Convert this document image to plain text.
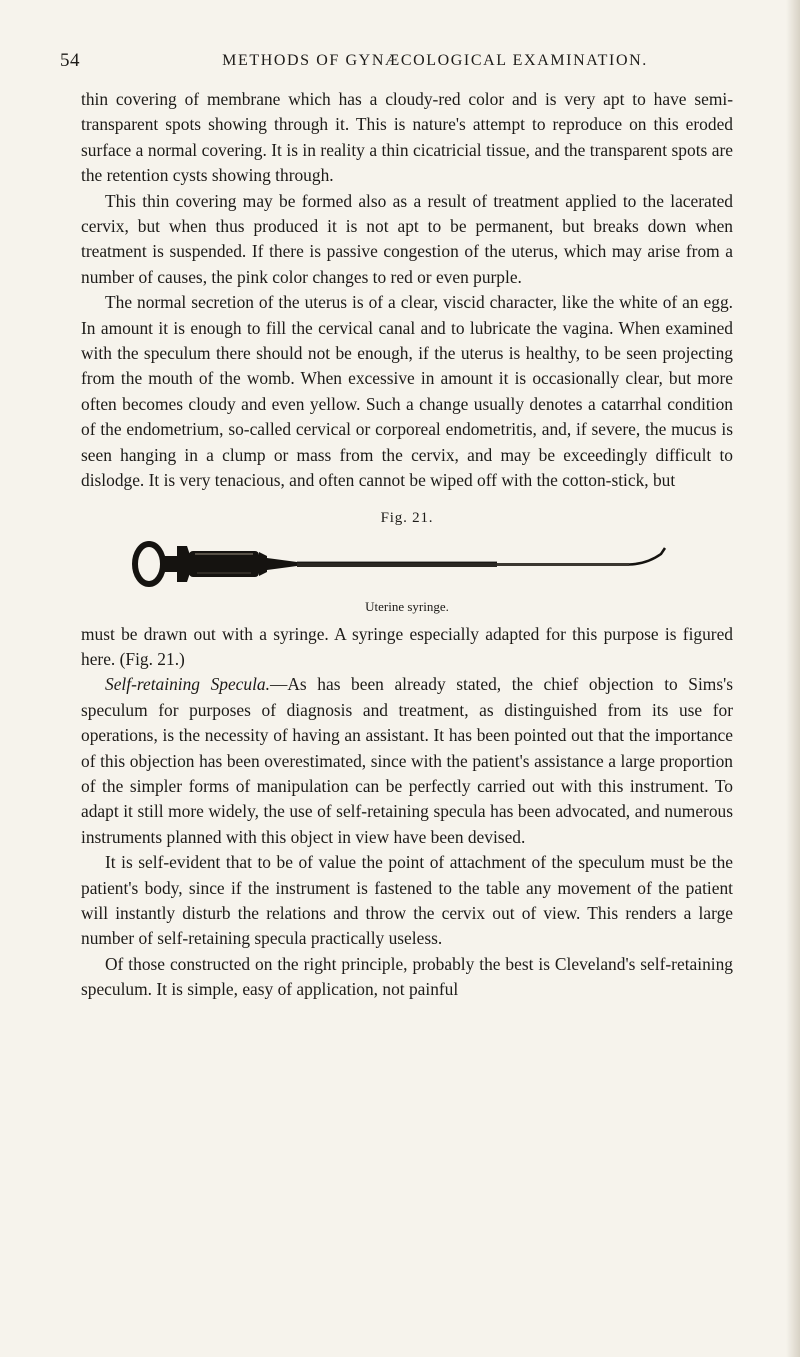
54	METHODS OF GYNÆCOLOGICAL EXAMINATION.

thin covering of membrane which has a cloudy-red color and is very apt to have semi-transparent spots showing through it. This is nature's attempt to reproduce on this eroded surface a normal covering. It is in reality a thin cicatricial tissue, and the transparent spots are the retention cysts showing through.

This thin covering may be formed also as a result of treatment applied to the lacerated cervix, but when thus produced it is not apt to be permanent, but breaks down when treatment is suspended. If there is passive congestion of the uterus, which may arise from a number of causes, the pink color changes to red or even purple.

The normal secretion of the uterus is of a clear, viscid character, like the white of an egg. In amount it is enough to fill the cervical canal and to lubricate the vagina. When examined with the speculum there should not be enough, if the uterus is healthy, to be seen projecting from the mouth of the womb. When excessive in amount it is occasionally clear, but more often becomes cloudy and even yellow. Such a change usually denotes a catarrhal condition of the endometrium, so-called cervical or corporeal endometritis, and, if severe, the mucus is seen hanging in a clump or mass from the cervix, and may be exceedingly difficult to dislodge. It is very tenacious, and often cannot be wiped off with the cotton-stick, but

Fig. 21.
Uterine syringe.

must be drawn out with a syringe. A syringe especially adapted for this purpose is figured here. (Fig. 21.)

Self-retaining Specula.—As has been already stated, the chief objection to Sims's speculum for purposes of diagnosis and treatment, as distinguished from its use for operations, is the necessity of having an assistant. It has been pointed out that the importance of this objection has been overestimated, since with the patient's assistance a large proportion of the simpler forms of manipulation can be perfectly carried out with this instrument. To adapt it still more widely, the use of self-retaining specula has been advocated, and numerous instruments planned with this object in view have been devised.

It is self-evident that to be of value the point of attachment of the speculum must be the patient's body, since if the instrument is fastened to the table any movement of the patient will instantly disturb the relations and throw the cervix out of view. This renders a large number of self-retaining specula practically useless.

Of those constructed on the right principle, probably the best is Cleveland's self-retaining speculum. It is simple, easy of application, not painful
